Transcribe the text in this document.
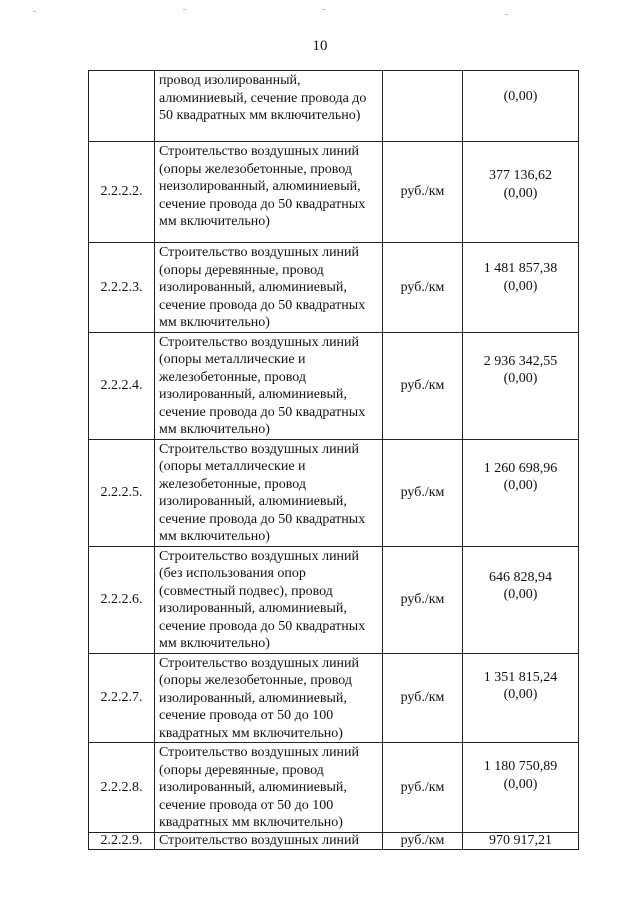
10
	провод изолированный, алюминиевый, сечение провода до 50 квадратных мм включительно)		(0,00)

2.2.2.2.	Строительство воздушных линий (опоры железобетонные, провод неизолированный, алюминиевый, сечение провода до 50 квадратных мм включительно)	руб./км	377 136,62
(0,00)

2.2.2.3.	Строительство воздушных линий (опоры деревянные, провод изолированный, алюминиевый, сечение провода до 50 квадратных мм включительно)	руб./км	1 481 857,38
(0,00)

2.2.2.4.	Строительство воздушных линий (опоры металлические и железобетонные, провод изолированный, алюминиевый, сечение провода до 50 квадратных мм включительно)	руб./км	2 936 342,55
(0,00)

2.2.2.5.	Строительство воздушных линий (опоры металлические и железобетонные, провод изолированный, алюминиевый, сечение провода до 50 квадратных мм включительно)	руб./км	1 260 698,96
(0,00)

2.2.2.6.	Строительство воздушных линий (без использования опор (совместный подвес), провод изолированный, алюминиевый, сечение провода до 50 квадратных мм включительно)	руб./км	646 828,94
(0,00)

2.2.2.7.	Строительство воздушных линий (опоры железобетонные, провод изолированный, алюминиевый, сечение провода от 50 до 100 квадратных мм включительно)	руб./км	1 351 815,24
(0,00)

2.2.2.8.	Строительство воздушных линий (опоры деревянные, провод изолированный, алюминиевый, сечение провода от 50 до 100 квадратных мм включительно)	руб./км	1 180 750,89
(0,00)

2.2.2.9.	Строительство воздушных линий	руб./км	970 917,21
